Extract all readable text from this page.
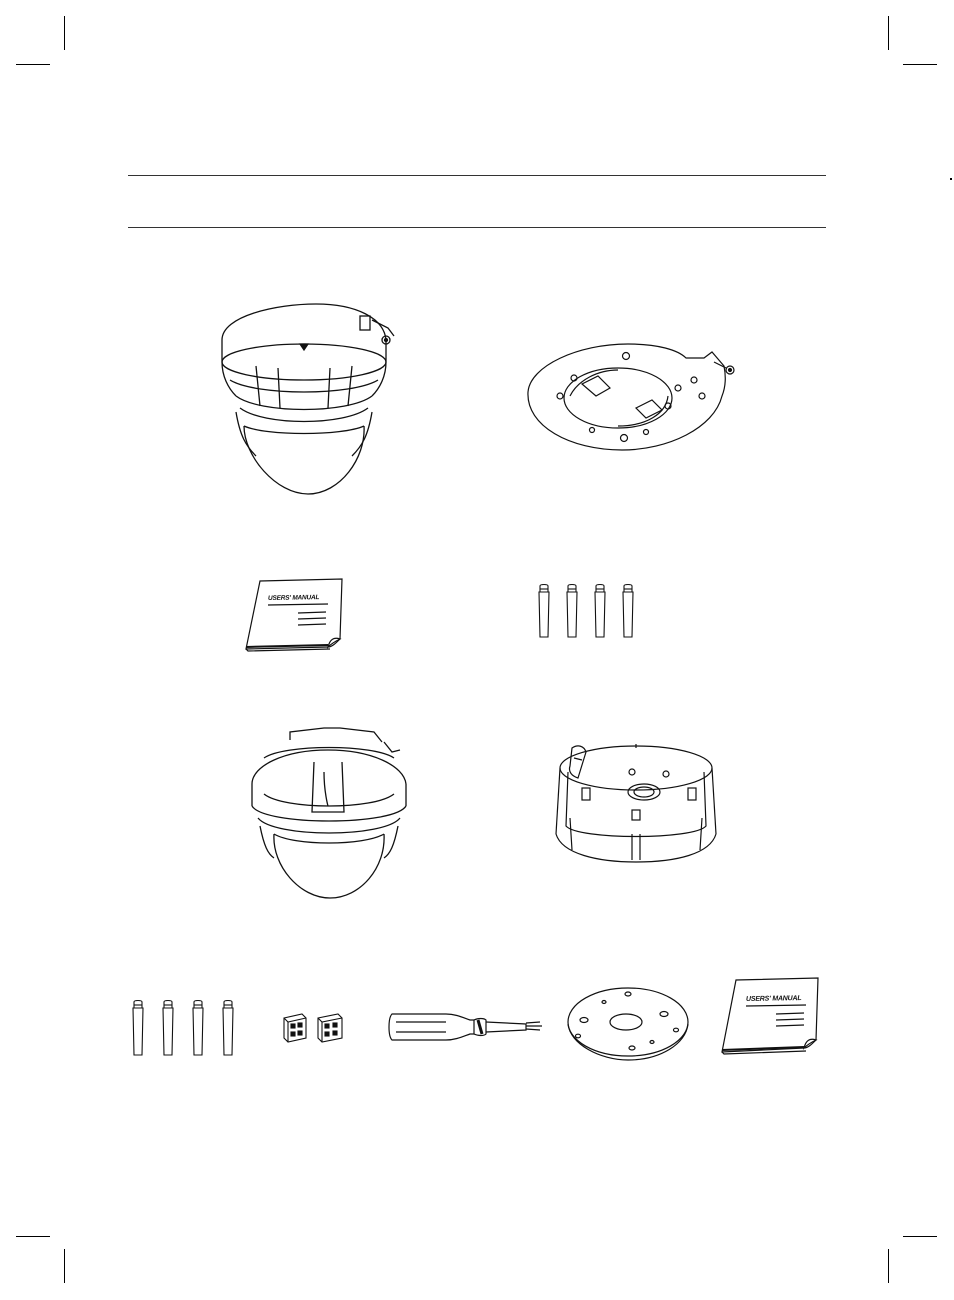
USERS' MANUAL
USERS' MANUAL
